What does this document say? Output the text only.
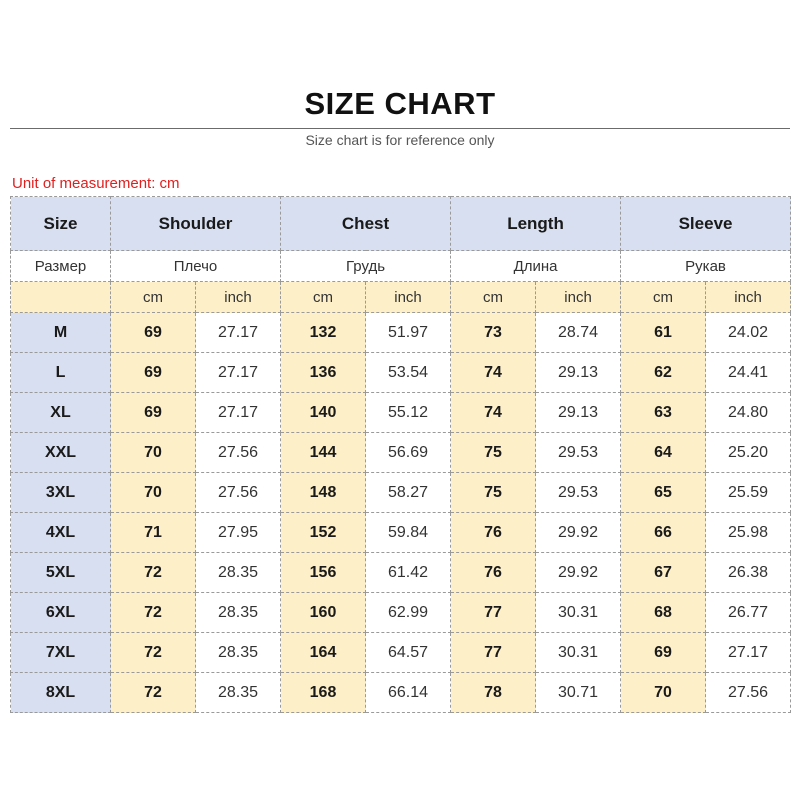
SIZE CHART
Size chart is for reference only
Unit of measurement: cm
Size	Shoulder		Chest		Length		Sleeve	
Размер	Плечо		Грудь		Длина		Рукав	
	cm	inch	cm	inch	cm	inch	cm	inch
M	69	27.17	132	51.97	73	28.74	61	24.02
L	69	27.17	136	53.54	74	29.13	62	24.41
XL	69	27.17	140	55.12	74	29.13	63	24.80
XXL	70	27.56	144	56.69	75	29.53	64	25.20
3XL	70	27.56	148	58.27	75	29.53	65	25.59
4XL	71	27.95	152	59.84	76	29.92	66	25.98
5XL	72	28.35	156	61.42	76	29.92	67	26.38
6XL	72	28.35	160	62.99	77	30.31	68	26.77
7XL	72	28.35	164	64.57	77	30.31	69	27.17
8XL	72	28.35	168	66.14	78	30.71	70	27.56
